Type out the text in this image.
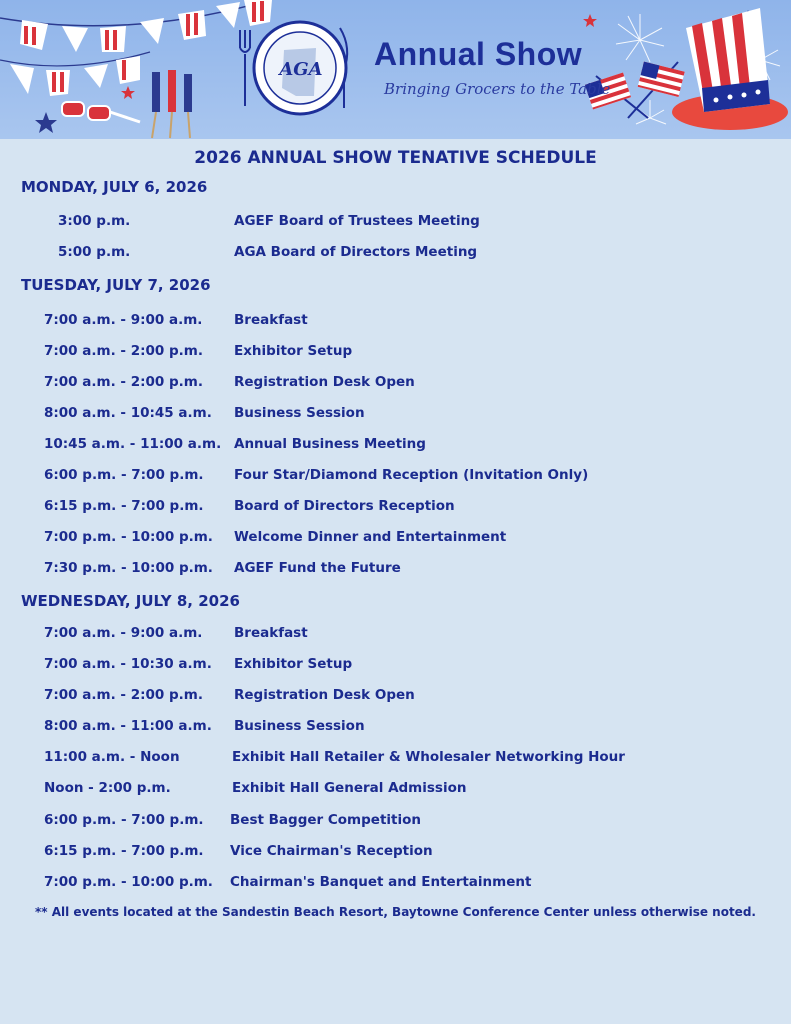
AGA Annual Show
Bringing Grocers to the Table
2026 ANNUAL SHOW TENATIVE SCHEDULE
MONDAY, JULY 6, 2026
3:00 p.m.	AGEF Board of Trustees Meeting
5:00 p.m.	AGA Board of Directors Meeting
TUESDAY, JULY 7, 2026
7:00 a.m. - 9:00 a.m. Breakfast
7:00 a.m. - 2:00 p.m. Exhibitor Setup
7:00 a.m. - 2:00 p.m. Registration Desk Open
8:00 a.m. - 10:45 a.m. Business Session
10:45 a.m. - 11:00 a.m. Annual Business Meeting
6:00 p.m. - 7:00 p.m. Four Star/Diamond Reception (Invitation Only)
6:15 p.m. - 7:00 p.m. Board of Directors Reception
7:00 p.m. - 10:00 p.m. Welcome Dinner and Entertainment
7:30 p.m. - 10:00 p.m. AGEF Fund the Future
WEDNESDAY, JULY 8, 2026
7:00 a.m. - 9:00 a.m. Breakfast
7:00 a.m. - 10:30 a.m. Exhibitor Setup
7:00 a.m. - 2:00 p.m. Registration Desk Open
8:00 a.m. - 11:00 a.m. Business Session
11:00 a.m. - Noon	Exhibit Hall Retailer & Wholesaler Networking Hour
Noon - 2:00 p.m.	Exhibit Hall General Admission
6:00 p.m. - 7:00 p.m. Best Bagger Competition
6:15 p.m. - 7:00 p.m. Vice Chairman's Reception
7:00 p.m. - 10:00 p.m. Chairman's Banquet and Entertainment
** All events located at the Sandestin Beach Resort, Baytowne Conference Center unless otherwise noted.
